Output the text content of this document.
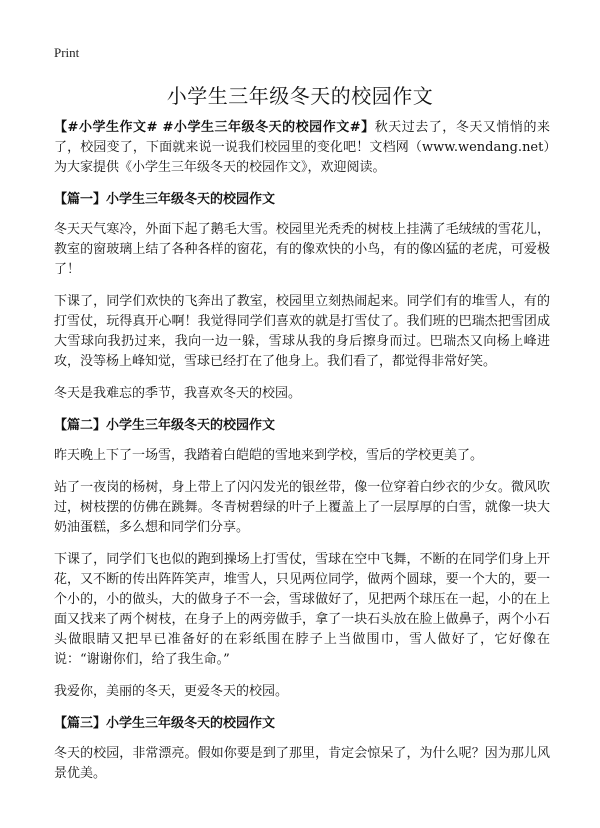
Print
小学生三年级冬天的校园作文

【#小学生作文# #小学生三年级冬天的校园作文#】秋天过去了，冬天又悄悄的来了，校园变了，下面就来说一说我们校园里的变化吧！文档网（www.wendang.net）为大家提供《小学生三年级冬天的校园作文》，欢迎阅读。

【篇一】小学生三年级冬天的校园作文

冬天天气寒冷，外面下起了鹅毛大雪。校园里光秃秃的树枝上挂满了毛绒绒的雪花儿，教室的窗玻璃上结了各种各样的窗花，有的像欢快的小鸟，有的像凶猛的老虎，可爱极了！

下课了，同学们欢快的飞奔出了教室，校园里立刻热闹起来。同学们有的堆雪人，有的打雪仗，玩得真开心啊！我觉得同学们喜欢的就是打雪仗了。我们班的巴瑞杰把雪团成大雪球向我扔过来，我向一边一躲，雪球从我的身后擦身而过。巴瑞杰又向杨上峰进攻，没等杨上峰知觉，雪球已经打在了他身上。我们看了，都觉得非常好笑。

冬天是我难忘的季节，我喜欢冬天的校园。

【篇二】小学生三年级冬天的校园作文

昨天晚上下了一场雪，我踏着白皑皑的雪地来到学校，雪后的学校更美了。

站了一夜岗的杨树，身上带上了闪闪发光的银丝带，像一位穿着白纱衣的少女。微风吹过，树枝摆的仿佛在跳舞。冬青树碧绿的叶子上覆盖上了一层厚厚的白雪，就像一块大奶油蛋糕，多么想和同学们分享。

下课了，同学们飞也似的跑到操场上打雪仗，雪球在空中飞舞，不断的在同学们身上开花，又不断的传出阵阵笑声，堆雪人，只见两位同学，做两个圆球，要一个大的，要一个小的，小的做头，大的做身子不一会，雪球做好了，见把两个球压在一起，小的在上面又找来了两个树枝，在身子上的两旁做手，拿了一块石头放在脸上做鼻子，两个小石头做眼睛又把早已准备好的在彩纸围在脖子上当做围巾，雪人做好了，它好像在说：“谢谢你们，给了我生命。”

我爱你，美丽的冬天，更爱冬天的校园。

【篇三】小学生三年级冬天的校园作文

冬天的校园，非常漂亮。假如你要是到了那里，肯定会惊呆了，为什么呢？因为那儿风景优美。
